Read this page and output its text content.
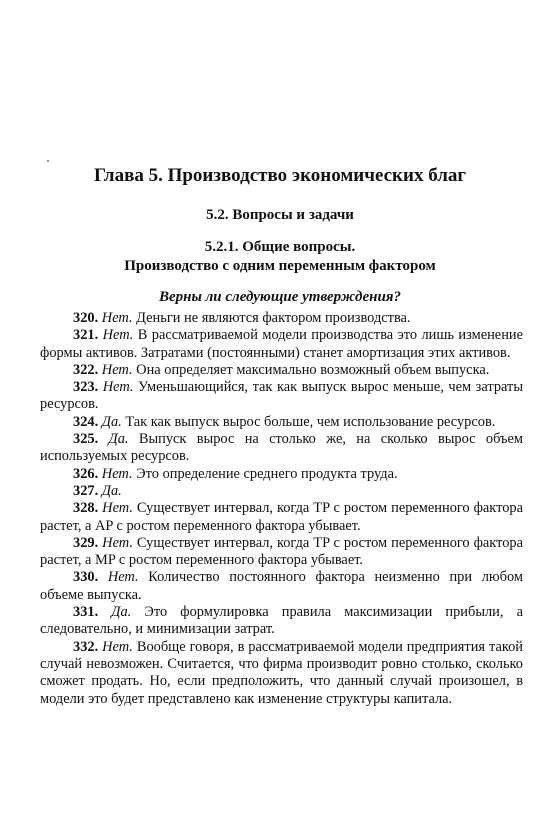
Глава 5. Производство экономических благ
5.2. Вопросы и задачи
5.2.1. Общие вопросы.
Производство с одним переменным фактором
Верны ли следующие утверждения?

320. Нет. Деньги не являются фактором производства.

321. Нет. В рассматриваемой модели производства это лишь изменение формы активов. Затратами (постоянными) станет амортизация этих активов.

322. Нет. Она определяет максимально возможный объем выпуска.

323. Нет. Уменьшающийся, так как выпуск вырос меньше, чем затраты ресурсов.

324. Да. Так как выпуск вырос больше, чем использование ресурсов.

325. Да. Выпуск вырос на столько же, на сколько вырос объем используемых ресурсов.

326. Нет. Это определение среднего продукта труда.

327. Да.

328. Нет. Существует интервал, когда TP с ростом переменного фактора растет, а AP с ростом переменного фактора убывает.

329. Нет. Существует интервал, когда TP с ростом переменного фактора растет, а MP с ростом переменного фактора убывает.

330. Нет. Количество постоянного фактора неизменно при любом объеме выпуска.

331. Да. Это формулировка правила максимизации прибыли, а следовательно, и минимизации затрат.

332. Нет. Вообще говоря, в рассматриваемой модели предприятия такой случай невозможен. Считается, что фирма производит ровно столько, сколько сможет продать. Но, если предположить, что данный случай произошел, в модели это будет представлено как изменение структуры капитала.
